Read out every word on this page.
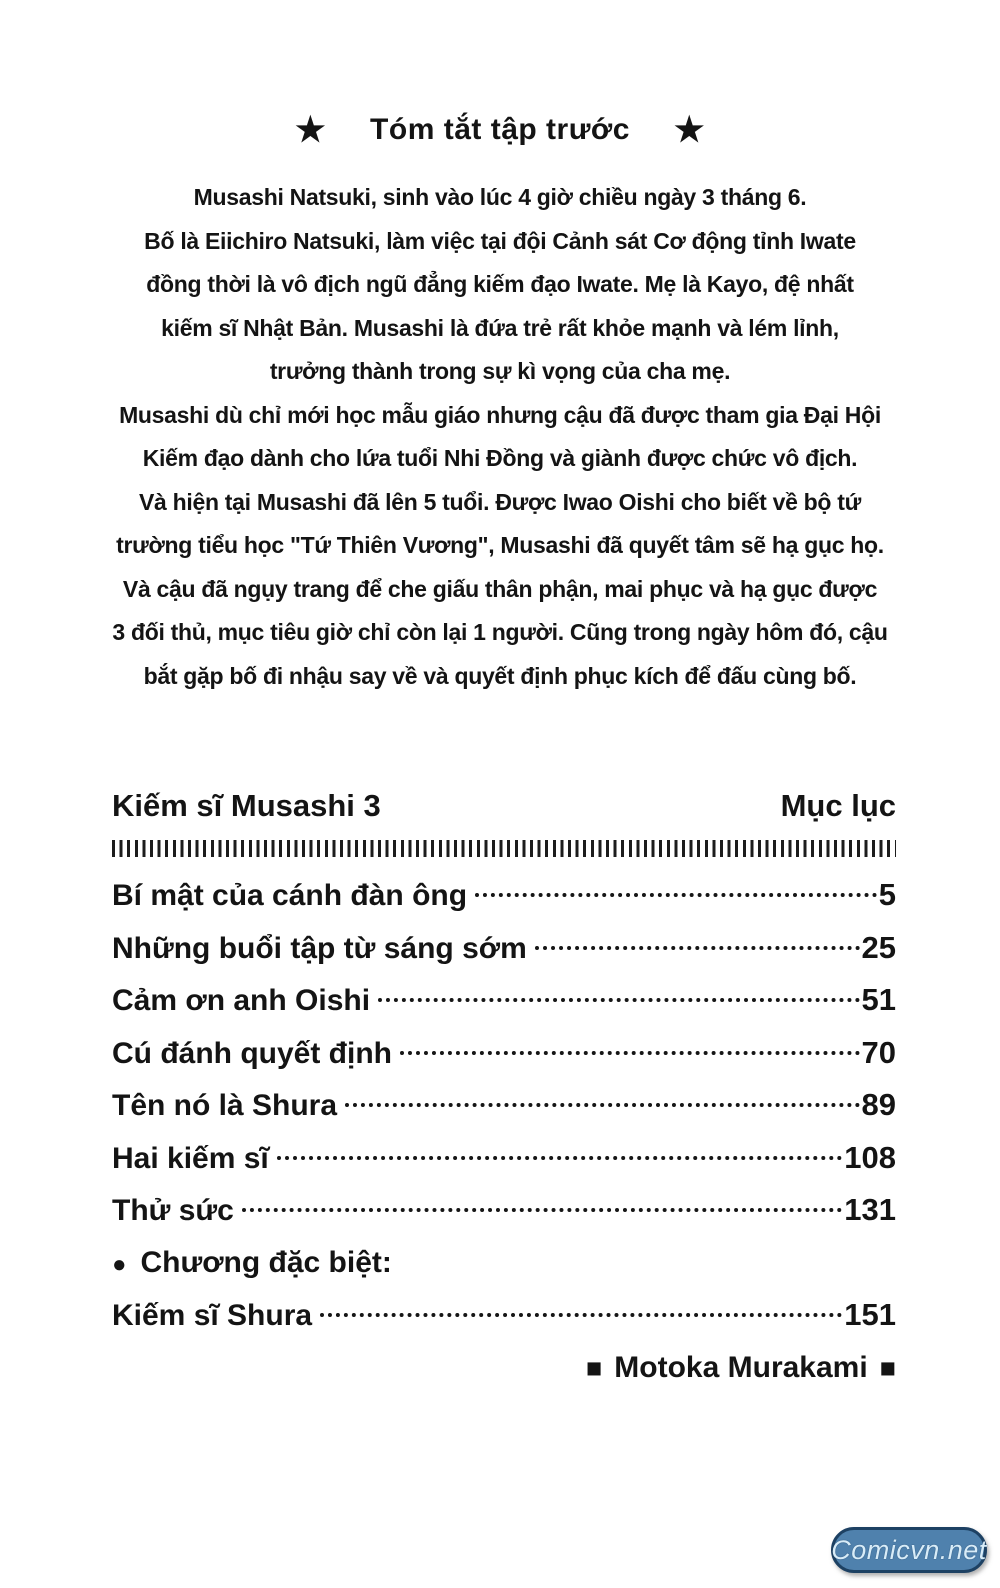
★ Tóm tắt tập trước ★
Musashi Natsuki, sinh vào lúc 4 giờ chiều ngày 3 tháng 6.
Bố là Eiichiro Natsuki, làm việc tại đội Cảnh sát Cơ động tỉnh Iwate
đồng thời là vô địch ngũ đẳng kiếm đạo Iwate. Mẹ là Kayo, đệ nhất
kiếm sĩ Nhật Bản. Musashi là đứa trẻ rất khỏe mạnh và lém lỉnh,
trưởng thành trong sự kì vọng của cha mẹ.
Musashi dù chỉ mới học mẫu giáo nhưng cậu đã được tham gia Đại Hội
Kiếm đạo dành cho lứa tuổi Nhi Đồng và giành được chức vô địch.
Và hiện tại Musashi đã lên 5 tuổi. Được Iwao Oishi cho biết về bộ tứ
trường tiểu học "Tứ Thiên Vương", Musashi đã quyết tâm sẽ hạ gục họ.
Và cậu đã ngụy trang để che giấu thân phận, mai phục và hạ gục được
3 đối thủ, mục tiêu giờ chỉ còn lại 1 người. Cũng trong ngày hôm đó, cậu
bắt gặp bố đi nhậu say về và quyết định phục kích để đấu cùng bố.
Kiếm sĩ Musashi 3	Mục lục
Bí mật của cánh đàn ông	5
Những buổi tập từ sáng sớm	25
Cảm ơn anh Oishi	51
Cú đánh quyết định	70
Tên nó là Shura	89
Hai kiếm sĩ	108
Thử sức	131
● Chương đặc biệt:
Kiếm sĩ Shura	151
■ Motoka Murakami ■
Comicvn.net
